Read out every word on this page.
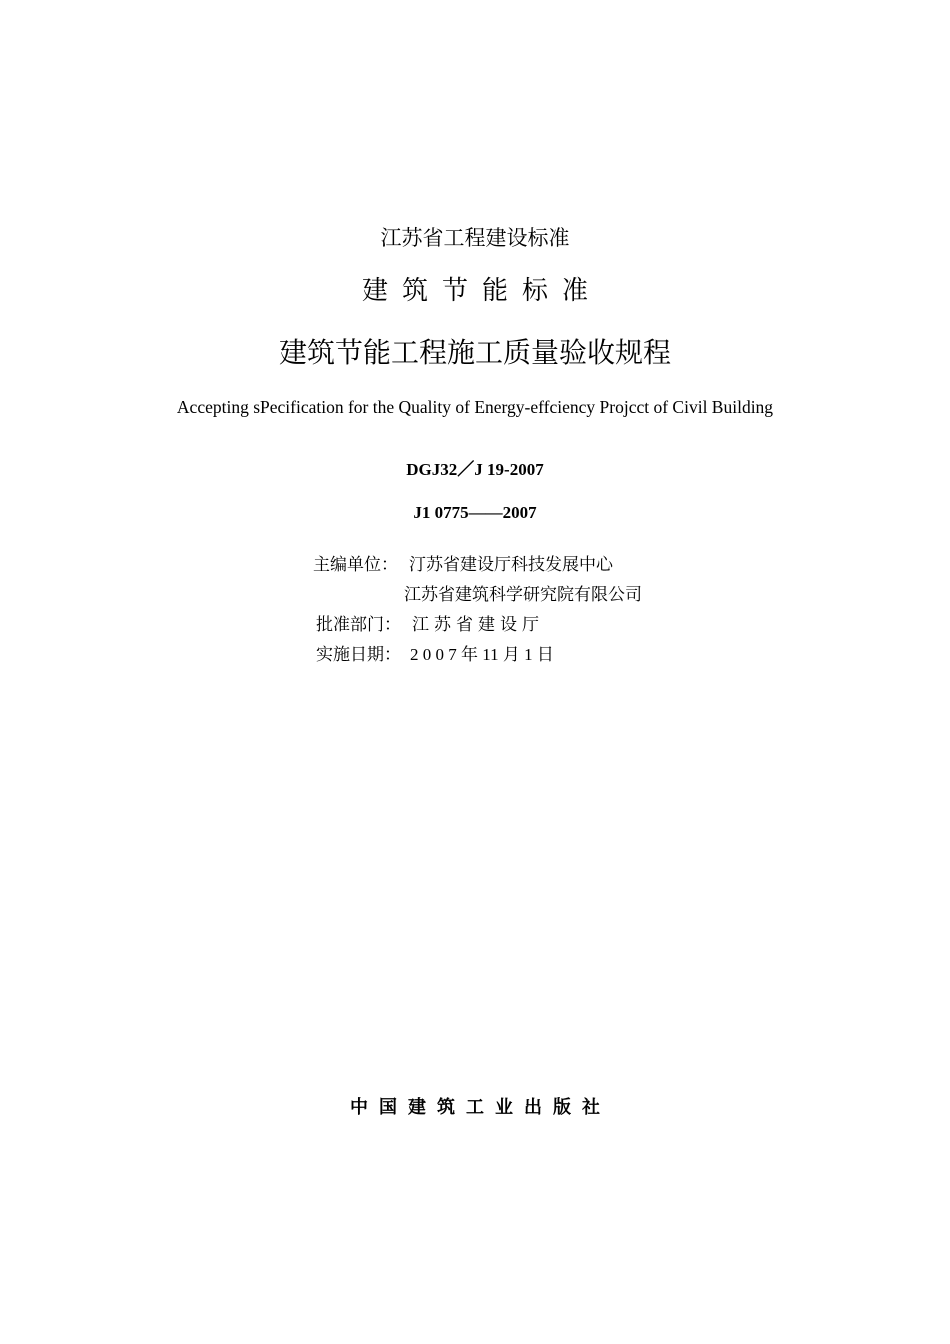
江苏省工程建设标准
建筑节能标准
建筑节能工程施工质量验收规程
Accepting sPecification for the Quality of Energy-effciency Projcct of Civil Building
DGJ32／J 19-2007
J1 0775——2007
主编单位： 汀苏省建设厅科技发展中心
江苏省建筑科学研究院有限公司
批准部门： 江苏省建设厅
实施日期： 2 0 0 7 年 11 月 1 日
中国建筑工业出版社
